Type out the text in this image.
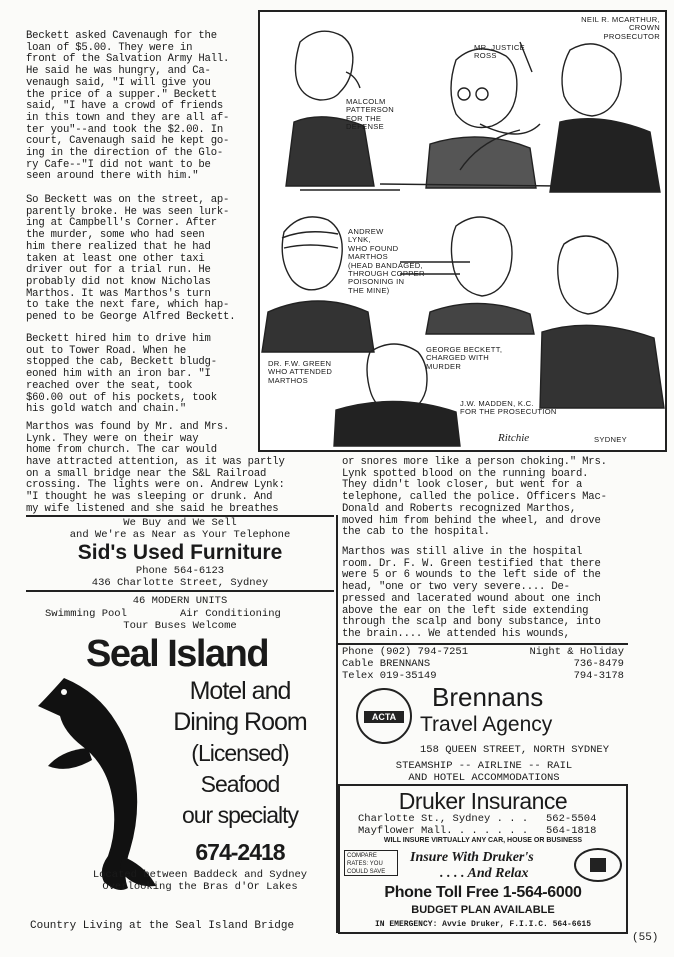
Beckett asked Cavenaugh for the
loan of $5.00. They were in
front of the Salvation Army Hall.
He said he was hungry, and Ca-
venaugh said, "I will give you
the price of a supper." Beckett
said, "I have a crowd of friends
in this town and they are all af-
ter you"--and took the $2.00. In
court, Cavenaugh said he kept go-
ing in the direction of the Glo-
ry Cafe--"I did not want to be
seen around there with him."
So Beckett was on the street, ap-
parently broke. He was seen lurk-
ing at Campbell's Corner. After
the murder, some who had seen
him there realized that he had
taken at least one other taxi
driver out for a trial run. He
probably did not know Nicholas
Marthos. It was Marthos's turn
to take the next fare, which hap-
pened to be George Alfred Beckett.
Beckett hired him to drive him
out to Tower Road. When he
stopped the cab, Beckett bludg-
eoned him with an iron bar. "I
reached over the seat, took
$60.00 out of his pockets, took
his gold watch and chain."
Marthos was found by Mr. and Mrs.
Lynk. They were on their way
home from church. The car would
have attracted attention, as it was partly
on a small bridge near the S&L Railroad
crossing. The lights were on. Andrew Lynk:
"I thought he was sleeping or drunk. And
my wife listened and she said he breathes
NEIL R. MCARTHUR,
CROWN
PROSECUTOR
MR. JUSTICE
ROSS
MALCOLM
PATTERSON
FOR THE
DEFENSE
ANDREW
LYNK,
WHO FOUND
MARTHOS
(HEAD BANDAGED,
THROUGH COPPER
POISONING IN
THE MINE)
GEORGE BECKETT,
CHARGED WITH
MURDER
DR. F.W. GREEN
WHO ATTENDED
MARTHOS
J.W. MADDEN, K.C.
FOR THE PROSECUTION
Ritchie	SYDNEY
or snores more like a person choking." Mrs.
Lynk spotted blood on the running board.
They didn't look closer, but went for a
telephone, called the police. Officers Mac-
Donald and Roberts recognized Marthos,
moved him from behind the wheel, and drove
the cab to the hospital.
Marthos was still alive in the hospital
room. Dr. F. W. Green testified that there
were 5 or 6 wounds to the left side of the
head, "one or two very severe.... De-
pressed and lacerated wound about one inch
above the ear on the left side extending
through the scalp and bony substance, into
the brain.... We attended his wounds,
We Buy and We Sell
and We're as Near as Your Telephone
Sid's Used Furniture
Phone 564-6123
436 Charlotte Street, Sydney
46 MODERN UNITS
Swimming Pool	Air Conditioning
Tour Buses Welcome
Seal Island
Motel and
Dining Room
(Licensed)
Seafood
our specialty
674-2418
Located between Baddeck and Sydney
Overlooking the Bras d'Or Lakes
Country Living at the Seal Island Bridge
Phone (902) 794-7251
Cable BRENNANS
Telex 019-35149
Night & Holiday
736-8479
794-3178
ACTA
Brennans
Travel Agency
158 QUEEN STREET, NORTH SYDNEY
STEAMSHIP -- AIRLINE -- RAIL
AND HOTEL ACCOMMODATIONS
Druker Insurance
Charlotte St., Sydney . . .
Mayflower Mall. . . . . . .
562-5504
564-1818
WILL INSURE VIRTUALLY ANY CAR, HOUSE OR BUSINESS
COMPARE
RATES: YOU
COULD SAVE
Insure With Druker's
. . . . And Relax
Phone Toll Free 1-564-6000
BUDGET PLAN AVAILABLE
IN EMERGENCY: Avvie Druker, F.I.I.C. 564-6615
(55)
